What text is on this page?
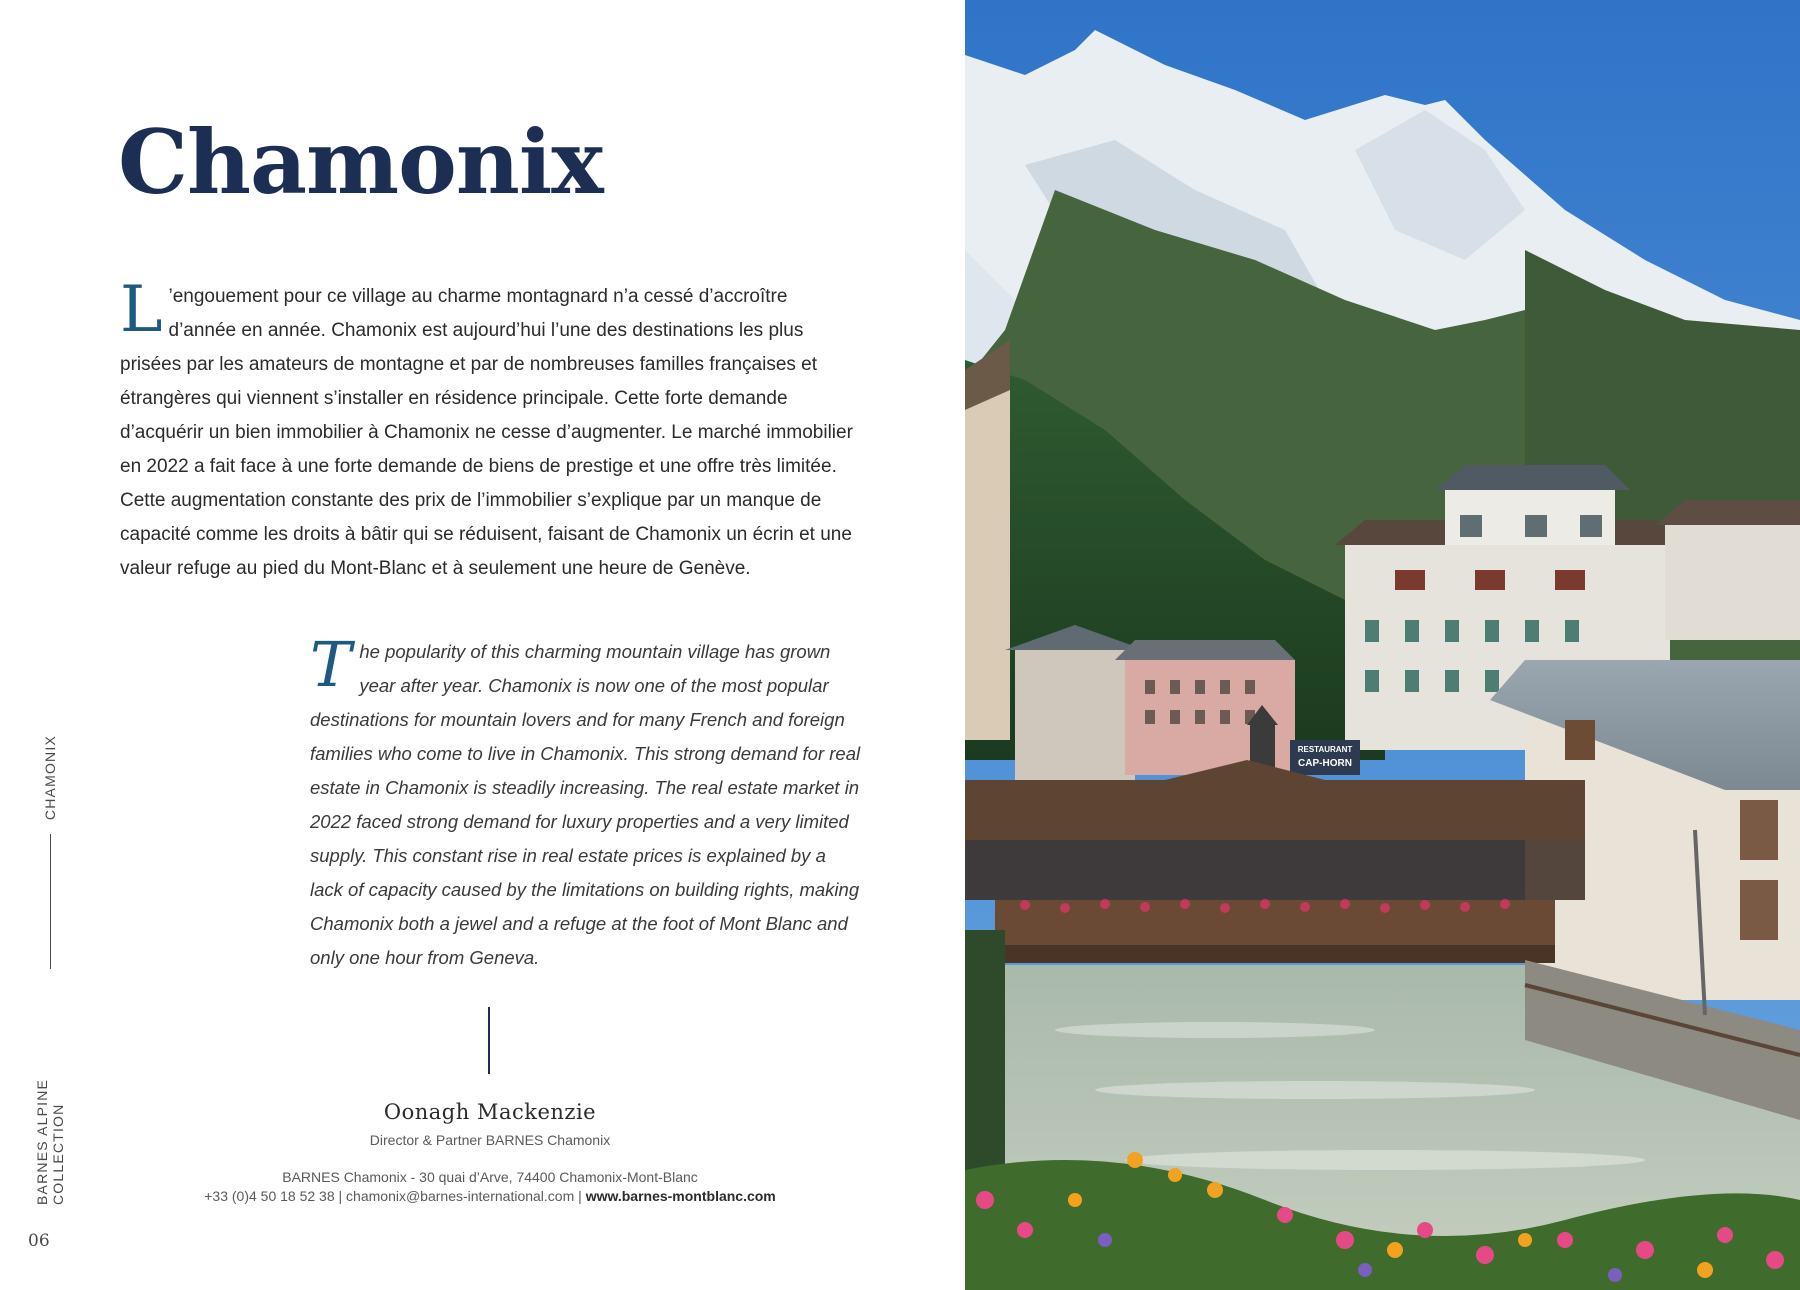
Chamonix

L ’engouement pour ce village au charme montagnard n’a cessé d’accroître d’année en année. Chamonix est aujourd’hui l’une des destinations les plus prisées par les amateurs de montagne et par de nombreuses familles françaises et étrangères qui viennent s’installer en résidence principale. Cette forte demande d’acquérir un bien immobilier à Chamonix ne cesse d’augmenter. Le marché immobilier en 2022 a fait face à une forte demande de biens de prestige et une offre très limitée. Cette augmentation constante des prix de l’immobilier s’explique par un manque de capacité comme les droits à bâtir qui se réduisent, faisant de Chamonix un écrin et une valeur refuge au pied du Mont-Blanc et à seulement une heure de Genève.

The popularity of this charming mountain village has grown year after year. Chamonix is now one of the most popular destinations for mountain lovers and for many French and foreign families who come to live in Chamonix. This strong demand for real estate in Chamonix is steadily increasing. The real estate market in 2022 faced strong demand for luxury properties and a very limited supply. This constant rise in real estate prices is explained by a lack of capacity caused by the limitations on building rights, making Chamonix both a jewel and a refuge at the foot of Mont Blanc and only one hour from Geneva.

Oonagh Mackenzie
Director & Partner BARNES Chamonix
BARNES Chamonix - 30 quai d’Arve, 74400 Chamonix-Mont-Blanc
+33 (0)4 50 18 52 38 | chamonix@barnes-international.com | www.barnes-montblanc.com
BARNES ALPINE COLLECTION
CHAMONIX
06
RESTAURANT
CAP-HORN
